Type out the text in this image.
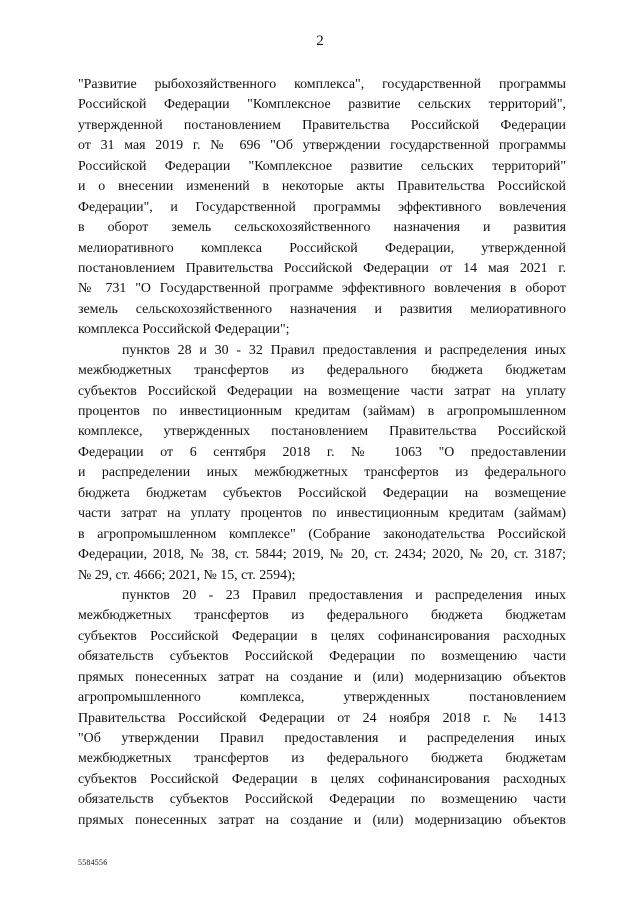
2
"Развитие рыбохозяйственного комплекса", государственной программы
Российской Федерации "Комплексное развитие сельских территорий",
утвержденной постановлением Правительства Российской Федерации
от 31 мая 2019 г. № 696 "Об утверждении государственной программы
Российской Федерации "Комплексное развитие сельских территорий"
и о внесении изменений в некоторые акты Правительства Российской
Федерации", и Государственной программы эффективного вовлечения
в оборот земель сельскохозяйственного назначения и развития
мелиоративного комплекса Российской Федерации, утвержденной
постановлением Правительства Российской Федерации от 14 мая 2021 г.
№ 731 "О Государственной программе эффективного вовлечения в оборот
земель сельскохозяйственного назначения и развития мелиоративного
комплекса Российской Федерации";
пунктов 28 и 30 - 32 Правил предоставления и распределения иных
межбюджетных трансфертов из федерального бюджета бюджетам
субъектов Российской Федерации на возмещение части затрат на уплату
процентов по инвестиционным кредитам (займам) в агропромышленном
комплексе, утвержденных постановлением Правительства Российской
Федерации от 6 сентября 2018 г. № 1063 "О предоставлении
и распределении иных межбюджетных трансфертов из федерального
бюджета бюджетам субъектов Российской Федерации на возмещение
части затрат на уплату процентов по инвестиционным кредитам (займам)
в агропромышленном комплексе" (Собрание законодательства Российской
Федерации, 2018, № 38, ст. 5844; 2019, № 20, ст. 2434; 2020, № 20, ст. 3187;
№ 29, ст. 4666; 2021, № 15, ст. 2594);
пунктов 20 - 23 Правил предоставления и распределения иных
межбюджетных трансфертов из федерального бюджета бюджетам
субъектов Российской Федерации в целях софинансирования расходных
обязательств субъектов Российской Федерации по возмещению части
прямых понесенных затрат на создание и (или) модернизацию объектов
агропромышленного комплекса, утвержденных постановлением
Правительства Российской Федерации от 24 ноября 2018 г. № 1413
"Об утверждении Правил предоставления и распределения иных
межбюджетных трансфертов из федерального бюджета бюджетам
субъектов Российской Федерации в целях софинансирования расходных
обязательств субъектов Российской Федерации по возмещению части
прямых понесенных затрат на создание и (или) модернизацию объектов
5584556
